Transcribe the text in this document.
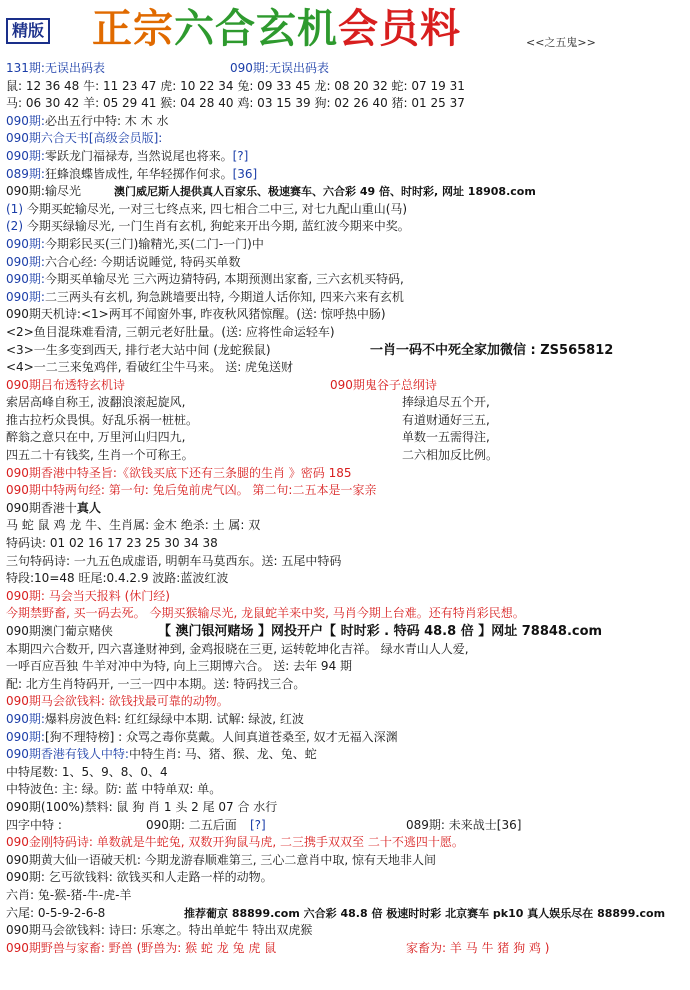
精版 正宗六合玄机会员料	<<之五鬼>>
131期:无误出码表	090期:无误出码表
鼠: 12 36 48 牛: 11 23 47 虎: 10 22 34 兔: 09 33 45 龙: 08 20 32 蛇: 07 19 31
马: 06 30 42 羊: 05 29 41 猴: 04 28 40 鸡: 03 15 39 狗: 02 26 40 猪: 01 25 37
090期:必出五行中特: 木 木 水
090期六合天书[高级会员版]:
090期:零跃龙门福禄寿, 当然说尾也将来。[?]
089期:狂蜂浪蝶皆成性, 年华轻掷作何求。[36]
090期:输尽光	澳门威尼斯人提供真人百家乐、极速赛车、六合彩 49 倍、时时彩, 网址 18908.com
(1) 今期买蛇输尽光, 一对三七终点来, 四七相合二中三, 对七九配山重山(马)
(2) 今期买绿输尽光, 一门生肖有玄机, 狗蛇来开出今期, 蓝红波今期来中奖。
090期:今期彩民买(三门)输精光,买(二门-一门)中
090期:六合心经: 今期话说睡觉, 特码买单数
090期:今期买单输尽光 三六两边猜特码, 本期预测出家畜, 三六玄机买特码,
090期:二三两头有玄机, 狗急跳墙要出特, 今期道人话你知, 四来六来有玄机
090期天机诗:<1>两耳不闻窗外事, 昨夜秋风猪惊醒。(送: 惊呼热中肠)
<2>鱼目混珠难看清, 三朝元老好肚量。(送: 应将性命运轻车)
<3>一生多变到西天, 排行老大站中间 (龙蛇猴鼠)	一肖一码不中死全家加微信 : ZS565812
<4>一二三来兔鸡伴, 看破红尘牛马来。 送: 虎兔送财
090期吕布透特玄机诗	090期鬼谷子总纲诗
索居高峰自称王, 波翻浪滚起旋风,	捧绿追尽五个开,
推古拉朽众畏惧。好乱乐祸一桩桩。	有道财通好三五,
醉翁之意只在中, 万里河山归四九,	单数一五需得注,
四五二十有钱奖, 生肖一个可称王。	二六相加反比例。
090期香港中特圣旨:《欲钱买底下还有三条腿的生肖 》密码 185
090期中特两句经: 第一句: 兔后兔前虎气凶。 第二句:二五本是一家亲
090期香港十真人
马 蛇 鼠 鸡 龙 牛、生肖属: 金木 绝杀: 土 属: 双
特码诀: 01 02 16 17 23 25 30 34 38
三句特码诗: 一九五色成虚语, 明朝车马莫西东。送: 五尾中特码
特段:10=48 旺尾:0.4.2.9 波路:蓝波红波
090期: 马会当天报料 (休门经)
今期禁野畜, 买一码去死。 今期买猴输尽光, 龙鼠蛇羊来中奖, 马肖今期上台难。还有特肖彩民想。
090期澳门葡京赌侠	【 澳门银河赌场 】网投开户【 时时彩 . 特码 48.8 倍 】网址 78848.com
本期四六合数开, 四六喜逢财神到, 金鸡报晓在三更, 运转乾坤化吉祥。 绿水青山人人爱,
一呼百应吾独 牛羊对冲中为特, 向上三期博六合。 送: 去年 94 期
配: 北方生肖特码开, 一三一四中本期。送: 特码找三合。
090期马会欲钱料: 欲钱找最可靠的动物。
090期:爆料房波色料: 红红绿绿中本期. 试解: 绿波, 红波
090期:[狗不理特榜] : 众骂之毒你莫戴。人间真道苍桑至, 奴才无福入深渊
090期香港有钱人中特:中特生肖: 马、猪、猴、龙、兔、蛇
中特尾数: 1、5、9、8、0、4
中特波色: 主: 绿。防: 蓝 中特单双: 单。
090期(100%)禁料: 鼠 狗 肖 1 头 2 尾 07 合 水行
四字中特 :	090期: 二五后面 [?]	089期: 未来战士[36]
090金刚特码诗: 单数就是牛蛇兔, 双数开狗鼠马虎, 二三携手双双至 二十不逃四十愿。
090期黄大仙一语破天机: 今期龙游春顺难第三, 三心二意肖中取, 惊有天地非人间
090期: 乞丐欲钱料: 欲钱买和人走路一样的动物。
六肖: 兔-猴-猪-牛-虎-羊
六尾: 0-5-9-2-6-8	推荐葡京 88899.com 六合彩 48.8 倍 极速时时彩 北京赛车 pk10 真人娱乐尽在 88899.com
090期马会欲钱料: 诗曰: 乐寒之。特出单蛇牛 特出双虎猴
090期野兽与家畜: 野兽 (野兽为: 猴 蛇 龙 兔 虎 鼠	家畜为: 羊 马 牛 猪 狗 鸡 )
